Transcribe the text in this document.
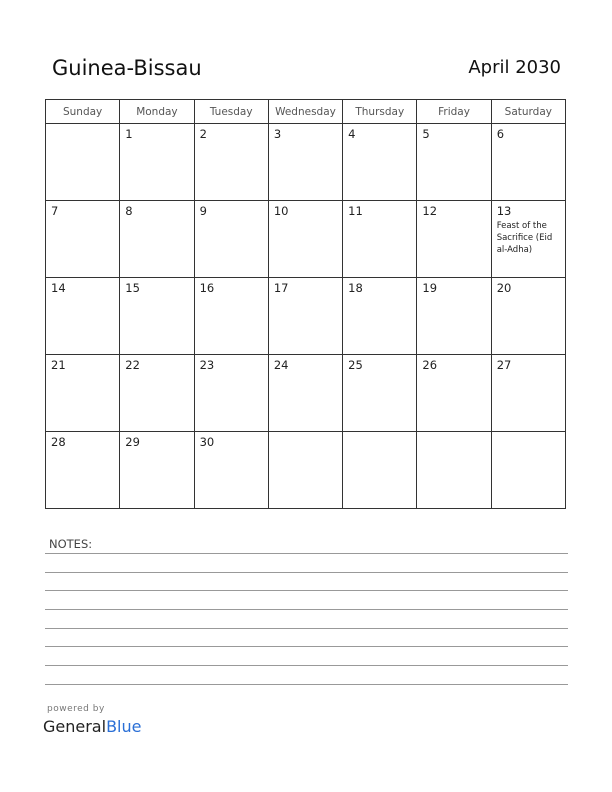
Guinea-Bissau	April 2030
Sunday	Monday	Tuesday	Wednesday	Thursday	Friday	Saturday

	1	2	3	4	5	6

7	8	9	10	11	12	13
Feast of the Sacrifice (Eid al-Adha)

14	15	16	17	18	19	20

21	22	23	24	25	26	27

28	29	30				

NOTES:
powered by
GeneralBlue
